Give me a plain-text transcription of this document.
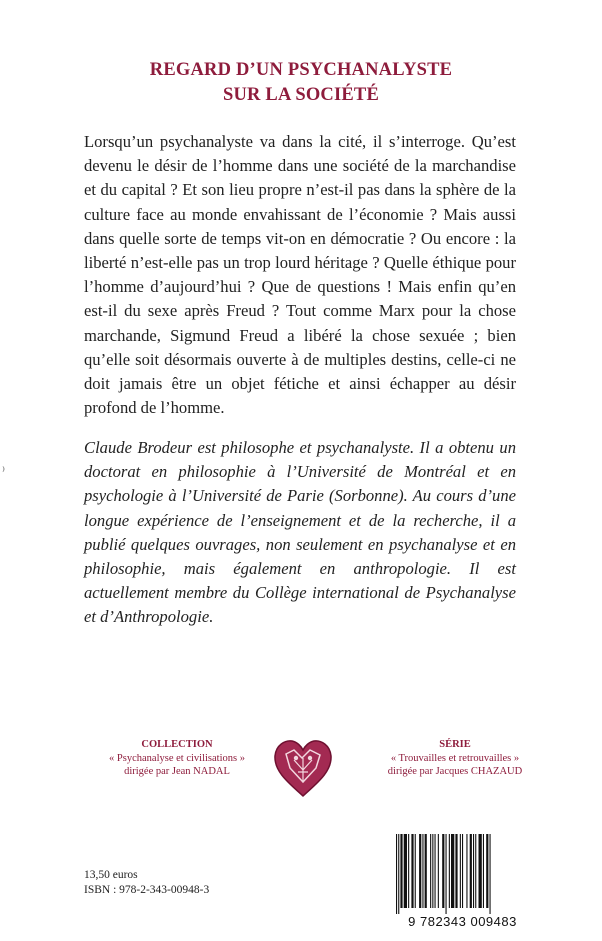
REGARD D’UN PSYCHANALYSTE
SUR LA SOCIÉTÉ
Lorsqu’un psychanalyste va dans la cité, il s’interroge. Qu’est devenu le désir de l’homme dans une société de la marchandise et du capital ? Et son lieu propre n’est-il pas dans la sphère de la culture face au monde envahissant de l’économie ? Mais aussi dans quelle sorte de temps vit-on en démocratie ? Ou encore : la liberté n’est-elle pas un trop lourd héritage ? Quelle éthique pour l’homme d’aujourd’hui ? Que de questions ! Mais enfin qu’en est-il du sexe après Freud ? Tout comme Marx pour la chose marchande, Sigmund Freud a libéré la chose sexuée ; bien qu’elle soit désormais ouverte à de multiples destins, celle-ci ne doit jamais être un objet fétiche et ainsi échapper au désir profond de l’homme.
⁾
Claude Brodeur est philosophe et psychanalyste. Il a obtenu un doctorat en philosophie à l’Université de Montréal et en psychologie à l’Université de Parie (Sorbonne). Au cours d’une longue expérience de l’enseignement et de la recherche, il a publié quelques ouvrages, non seulement en psychanalyse et en philosophie, mais également en anthropologie. Il est actuellement membre du Collège international de Psychanalyse et d’Anthropologie.
COLLECTION
« Psychanalyse et civilisations »
dirigée par Jean NADAL
SÉRIE
« Trouvailles et retrouvailles »
dirigée par Jacques CHAZAUD
13,50 euros
ISBN : 978-2-343-00948-3
9 782343 009483
